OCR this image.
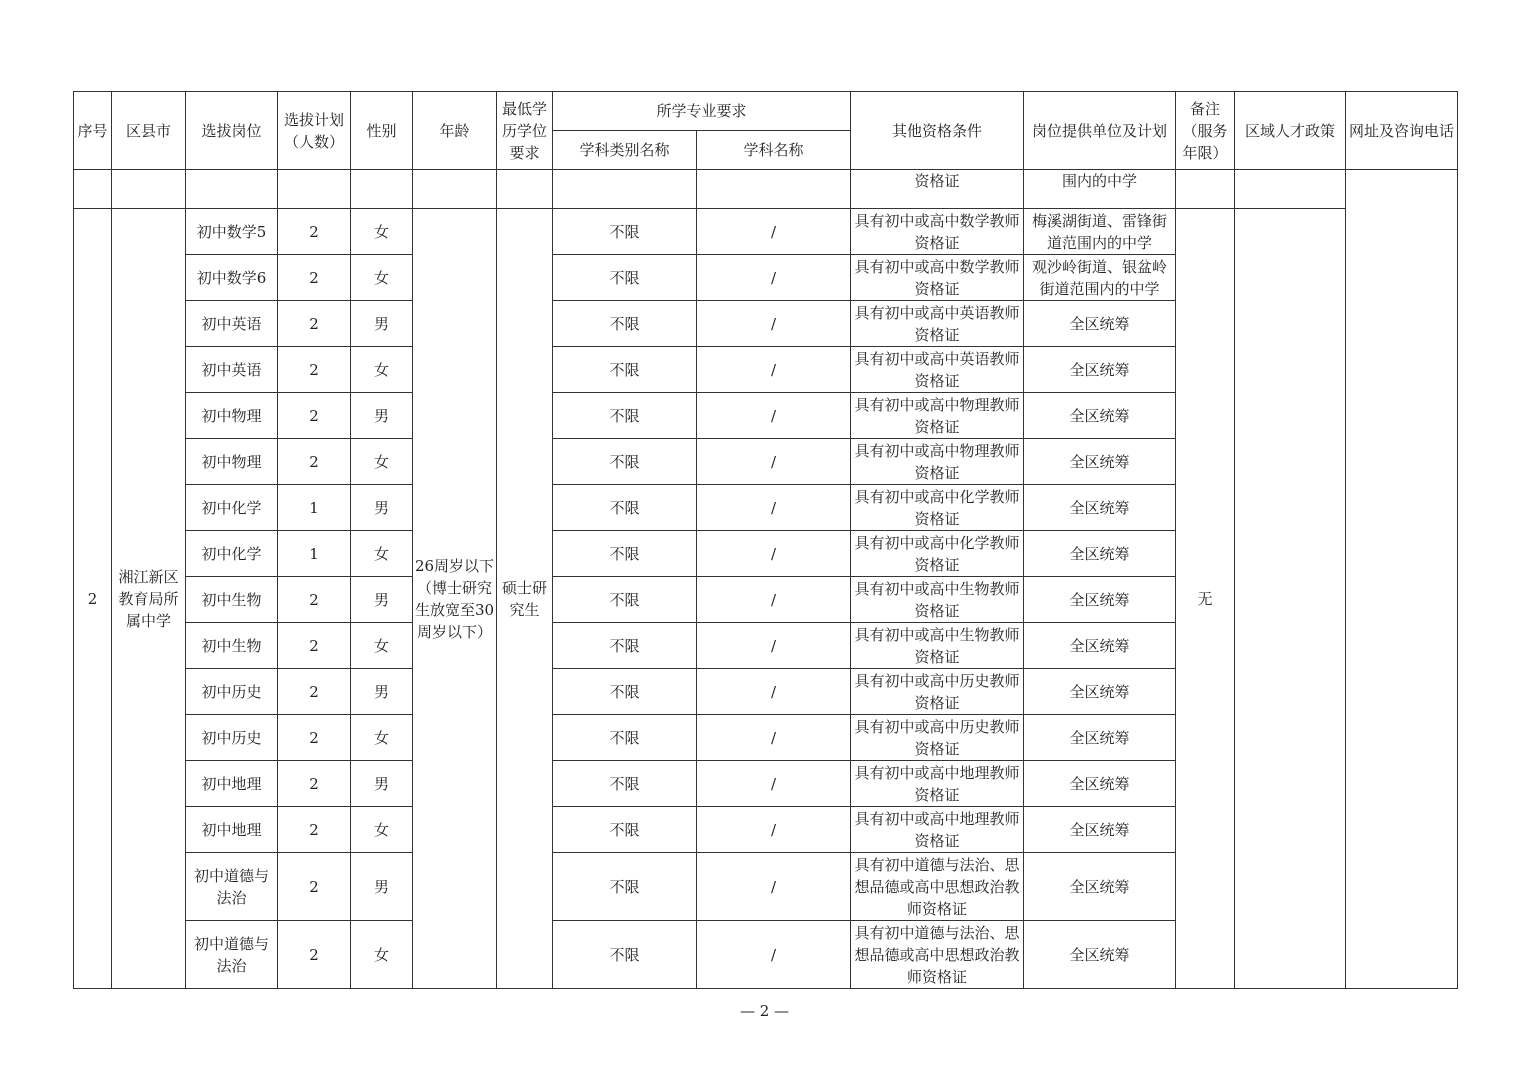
序号	区县市	选拔岗位	选拔计划（人数）	性别	年龄	最低学历学位要求	所学专业要求		其他资格条件	岗位提供单位及计划	备注（服务年限）	区域人才政策	网址及咨询电话
							学科类别名称	学科名称					
									资格证	围内的中学			
2	湘江新区教育局所属中学	初中数学5	2	女	26周岁以下（博士研究生放宽至30周岁以下）	硕士研究生	不限	/	具有初中或高中数学教师资格证	梅溪湖街道、雷锋街道范围内的中学	无		
		初中数学6	2	女			不限	/	具有初中或高中数学教师资格证	观沙岭街道、银盆岭街道范围内的中学			
		初中英语	2	男			不限	/	具有初中或高中英语教师资格证	全区统筹			
		初中英语	2	女			不限	/	具有初中或高中英语教师资格证	全区统筹			
		初中物理	2	男			不限	/	具有初中或高中物理教师资格证	全区统筹			
		初中物理	2	女			不限	/	具有初中或高中物理教师资格证	全区统筹			
		初中化学	1	男			不限	/	具有初中或高中化学教师资格证	全区统筹			
		初中化学	1	女			不限	/	具有初中或高中化学教师资格证	全区统筹			
		初中生物	2	男			不限	/	具有初中或高中生物教师资格证	全区统筹			
		初中生物	2	女			不限	/	具有初中或高中生物教师资格证	全区统筹			
		初中历史	2	男			不限	/	具有初中或高中历史教师资格证	全区统筹			
		初中历史	2	女			不限	/	具有初中或高中历史教师资格证	全区统筹			
		初中地理	2	男			不限	/	具有初中或高中地理教师资格证	全区统筹			
		初中地理	2	女			不限	/	具有初中或高中地理教师资格证	全区统筹			
		初中道德与法治	2	男			不限	/	具有初中道德与法治、思想品德或高中思想政治教师资格证	全区统筹			
		初中道德与法治	2	女			不限	/	具有初中道德与法治、思想品德或高中思想政治教师资格证	全区统筹			
— 2 —
